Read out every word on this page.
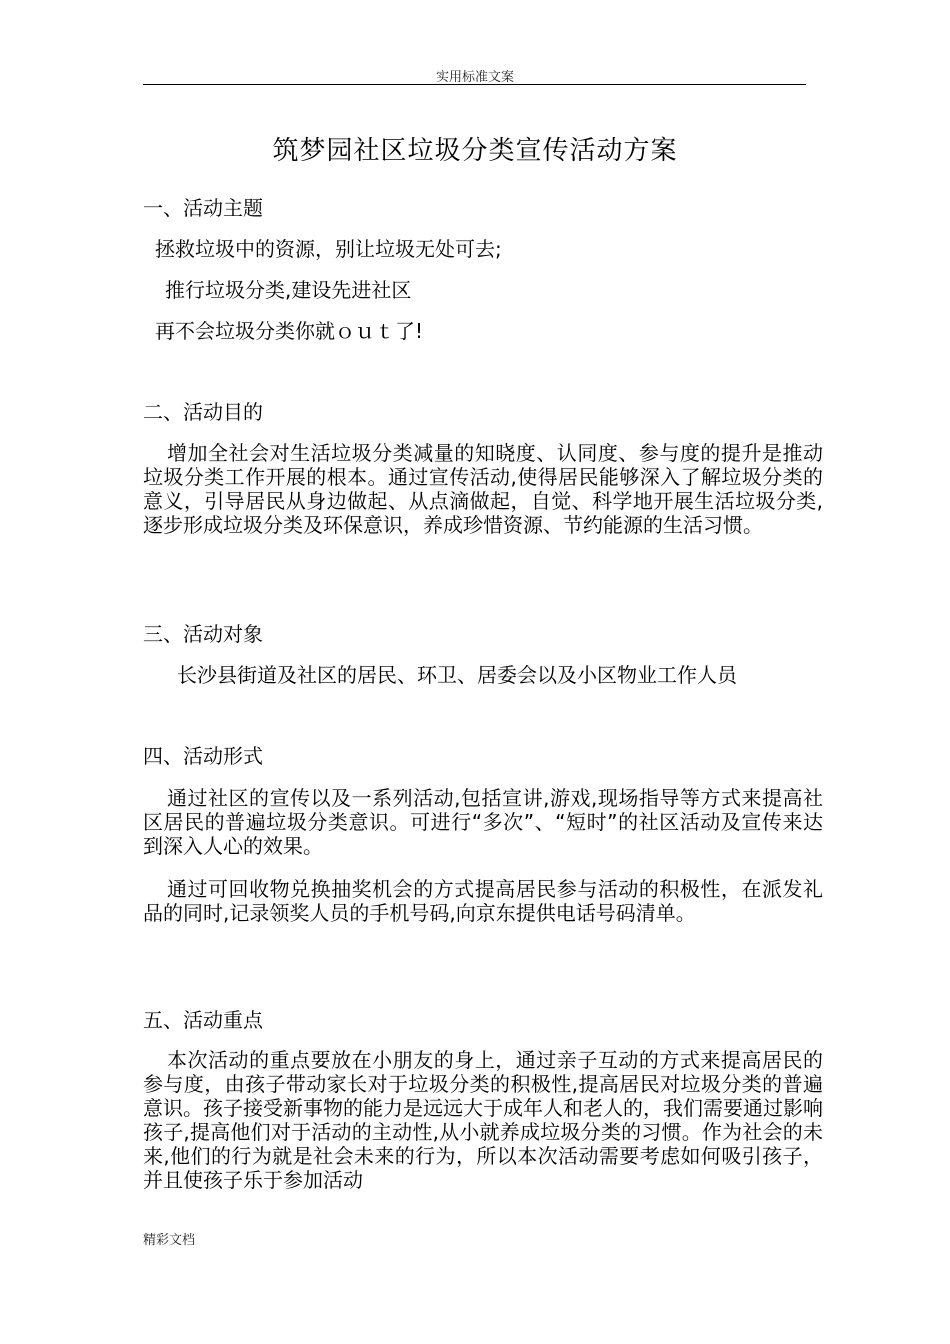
实用标准文案
筑梦园社区垃圾分类宣传活动方案
一、活动主题
拯救垃圾中的资源，别让垃圾无处可去;
推行垃圾分类,建设先进社区
再不会垃圾分类你就ｏｕｔ了!
二、活动目的
增加全社会对生活垃圾分类减量的知晓度、认同度、参与度的提升是推动垃圾分类工作开展的根本。通过宣传活动,使得居民能够深入了解垃圾分类的意义，引导居民从身边做起、从点滴做起，自觉、科学地开展生活垃圾分类,逐步形成垃圾分类及环保意识，养成珍惜资源、节约能源的生活习惯。
三、活动对象
长沙县街道及社区的居民、环卫、居委会以及小区物业工作人员
四、活动形式
通过社区的宣传以及一系列活动,包括宣讲,游戏,现场指导等方式来提高社区居民的普遍垃圾分类意识。可进行“多次”、“短时”的社区活动及宣传来达到深入人心的效果。
通过可回收物兑换抽奖机会的方式提高居民参与活动的积极性，在派发礼品的同时,记录领奖人员的手机号码,向京东提供电话号码清单。
五、活动重点
本次活动的重点要放在小朋友的身上，通过亲子互动的方式来提高居民的参与度，由孩子带动家长对于垃圾分类的积极性,提高居民对垃圾分类的普遍意识。孩子接受新事物的能力是远远大于成年人和老人的，我们需要通过影响孩子,提高他们对于活动的主动性,从小就养成垃圾分类的习惯。作为社会的未来,他们的行为就是社会未来的行为，所以本次活动需要考虑如何吸引孩子，并且使孩子乐于参加活动
精彩文档
